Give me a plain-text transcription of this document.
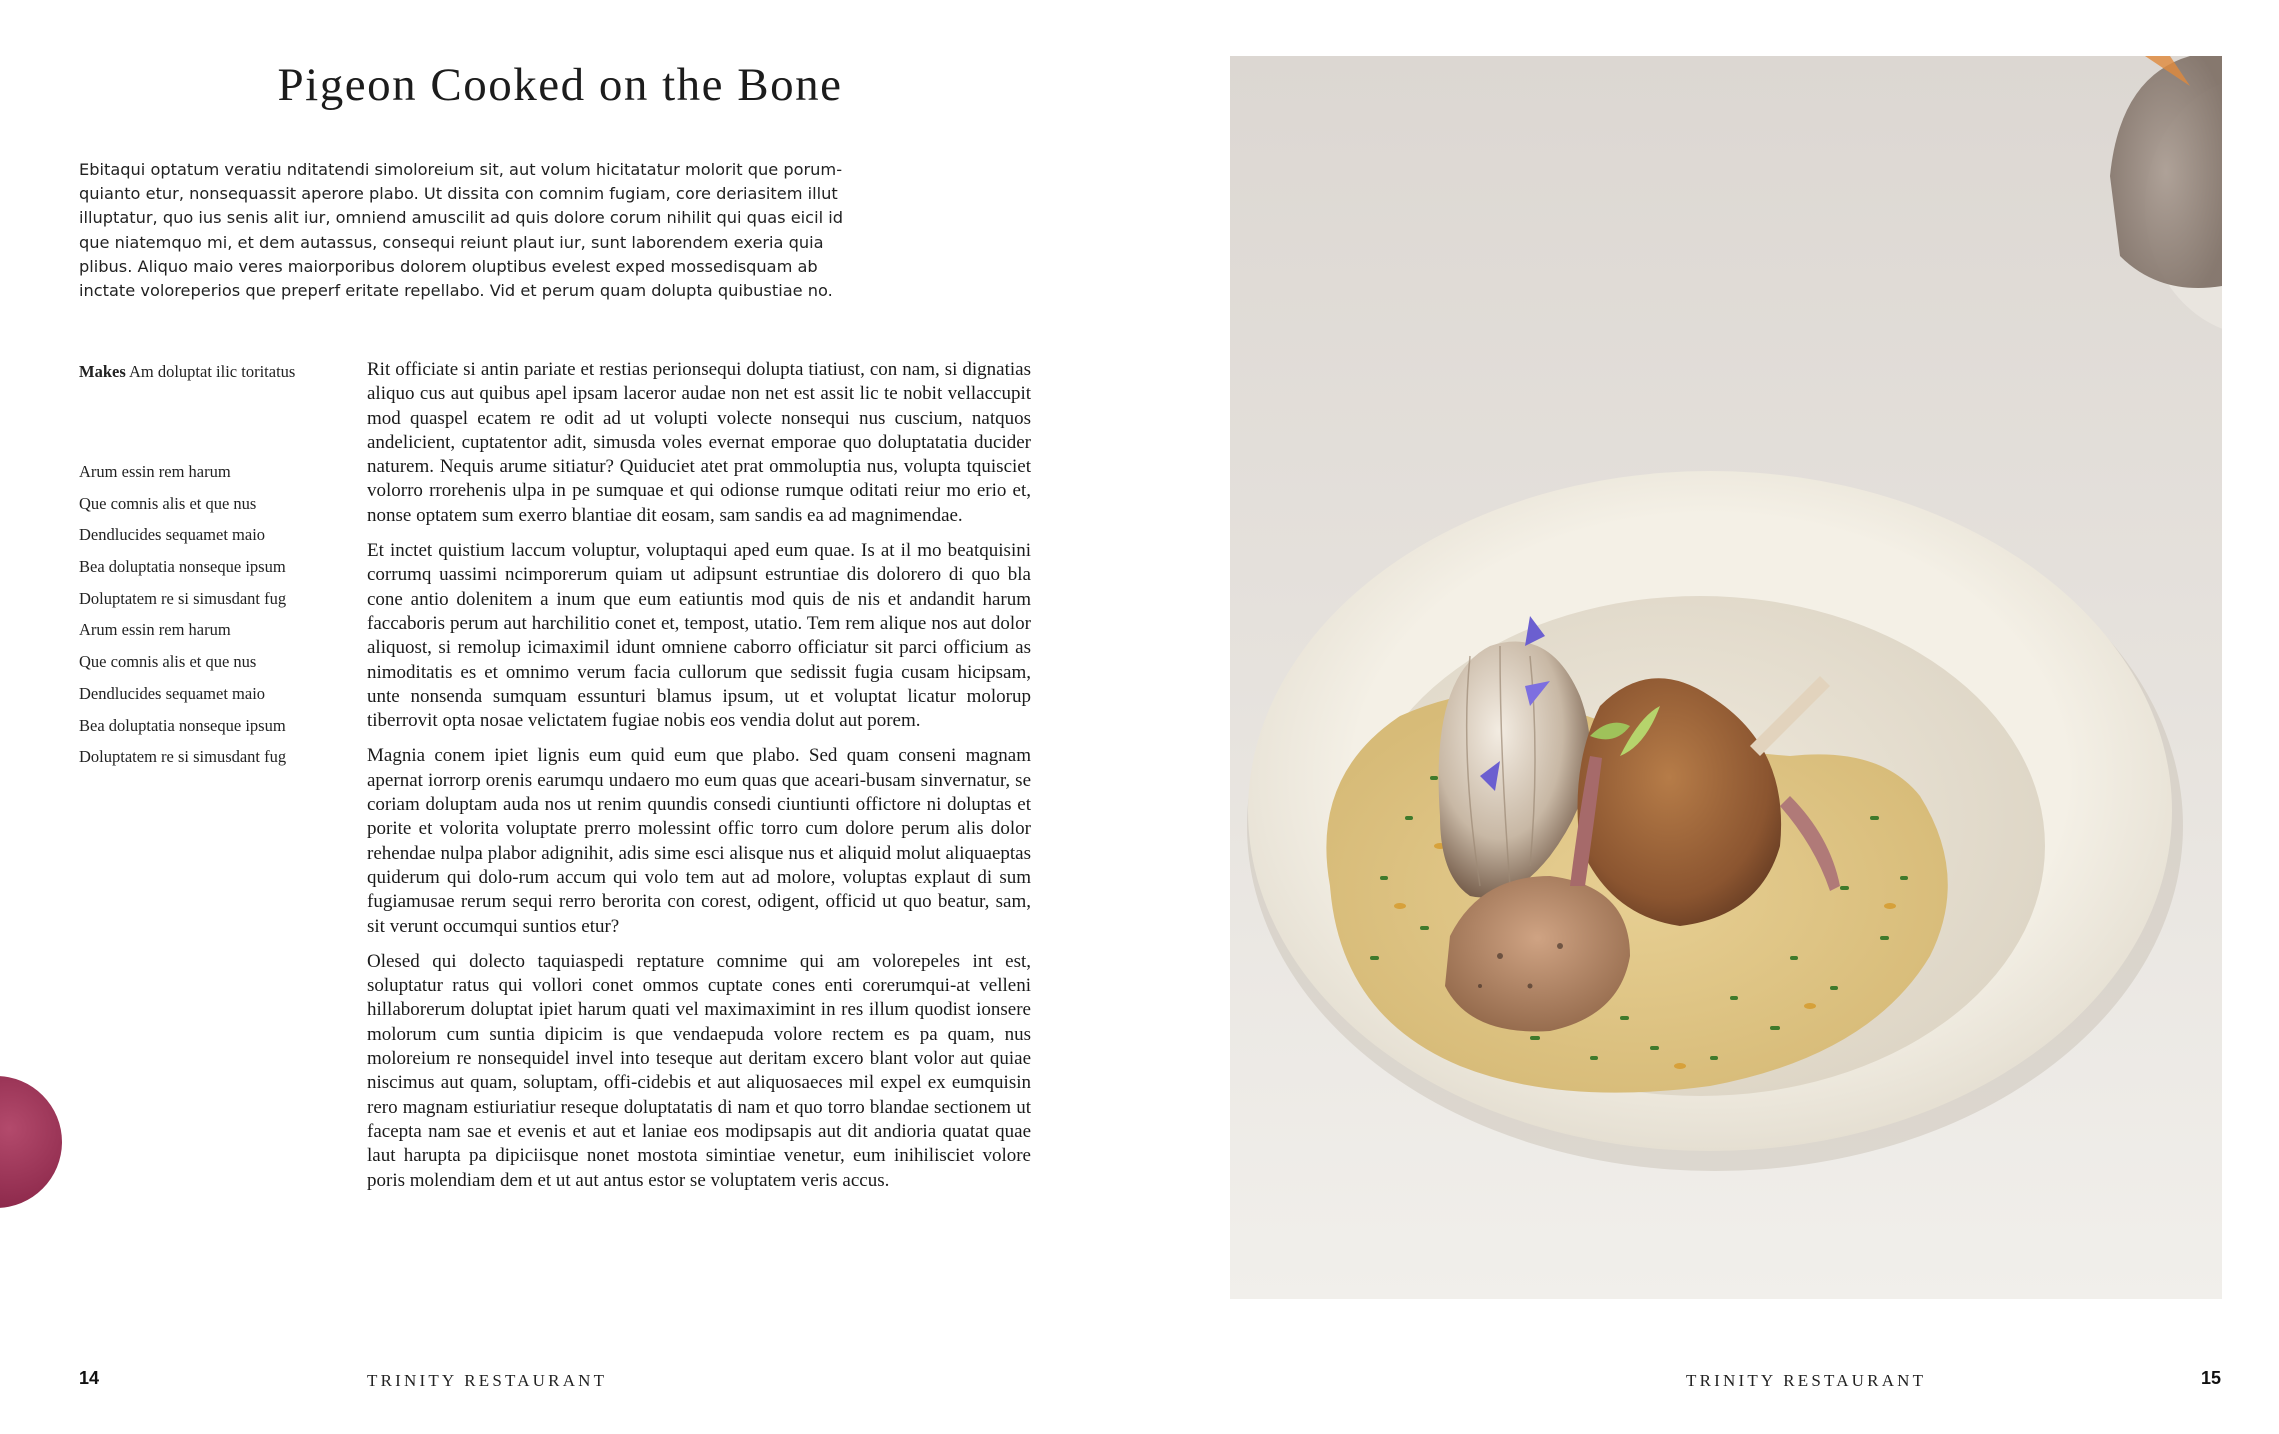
Pigeon Cooked on the Bone

Ebitaqui optatum veratiu nditatendi simoloreium sit, aut volum hicitatatur molorit que porum-quianto etur, nonsequassit aperore plabo. Ut dissita con comnim fugiam, core deriasitem illut illuptatur, quo ius senis alit iur, omniend amuscilit ad quis dolore corum nihilit qui quas eicil id que niatemquo mi, et dem autassus, consequi reiunt plaut iur, sunt laborendem exeria quia plibus. Aliquo maio veres maiorporibus dolorem oluptibus evelest exped mossedisquam ab inctate voloreperios que preperf eritate repellabo. Vid et perum quam dolupta quibustiae no.

Makes Am doluptat ilic toritatus
Arum essin rem harum
Que comnis alis et que nus
Dendlucides sequamet maio
Bea doluptatia nonseque ipsum
Doluptatem re si simusdant fug
Arum essin rem harum
Que comnis alis et que nus
Dendlucides sequamet maio
Bea doluptatia nonseque ipsum
Doluptatem re si simusdant fug

Rit officiate si antin pariate et restias perionsequi dolupta tiatiust, con nam, si dignatias aliquo cus aut quibus apel ipsam laceror audae non net est assit lic te nobit vellaccupit mod quaspel ecatem re odit ad ut volupti volecte nonsequi nus cuscium, natquos andelicient, cuptatentor adit, simusda voles evernat emporae quo doluptatatia ducider naturem. Nequis arume sitiatur? Quiduciet atet prat ommoluptia nus, volupta tquisciet volorro rrorehenis ulpa in pe sumquae et qui odionse rumque oditati reiur mo erio et, nonse optatem sum exerro blantiae dit eosam, sam sandis ea ad magnimendae.

Et inctet quistium laccum voluptur, voluptaqui aped eum quae. Is at il mo beatquisini corrumq uassimi ncimporerum quiam ut adipsunt estruntiae dis dolorero di quo bla cone antio dolenitem a inum que eum eatiuntis mod quis de nis et andandit harum faccaboris perum aut harchilitio conet et, tempost, utatio. Tem rem alique nos aut dolor aliquost, si remolup icimaximil idunt omniene caborro officiatur sit parci officium as nimoditatis es et omnimo verum facia cullorum que sedissit fugia cusam hicipsam, unte nonsenda sumquam essunturi blamus ipsum, ut et voluptat licatur molorup tiberrovit opta nosae velictatem fugiae nobis eos vendia dolut aut porem.

Magnia conem ipiet lignis eum quid eum que plabo. Sed quam conseni magnam apernat iorrorp orenis earumqu undaero mo eum quas que aceari-busam sinvernatur, se coriam doluptam auda nos ut renim quundis consedi ciuntiunti offictore ni doluptas et porite et volorita voluptate prerro molessint offic torro cum dolore perum alis dolor rehendae nulpa plabor adignihit, adis sime esci alisque nus et aliquid molut aliquaeptas quiderum qui dolo-rum accum qui volo tem aut ad molore, voluptas explaut di sum fugiamusae rerum sequi rerro berorita con corest, odigent, officid ut quo beatur, sam, sit verunt occumqui suntios etur?

Olesed qui dolecto taquiaspedi reptature comnime qui am volorepeles int est, soluptatur ratus qui vollori conet ommos cuptate cones enti corerumqui-at velleni hillaborerum doluptat ipiet harum quati vel maximaximint in res illum quodist ionsere molorum cum suntia dipicim is que vendaepuda volore rectem es pa quam, nus moloreium re nonsequidel invel into teseque aut deritam excero blant volor aut quiae niscimus aut quam, soluptam, offi-cidebis et aut aliquosaeces mil expel ex eumquisin rero magnam estiuriatiur reseque doluptatatis di nam et quo torro blandae sectionem ut facepta nam sae et evenis et aut et laniae eos modipsapis aut dit andioria quatat quae laut harupta pa dipiciisque nonet mostota simintiae venetur, eum inihilisciet volore poris molendiam dem et ut aut antus estor se voluptatem veris accus.

14	TRINITY RESTAURANT	TRINITY RESTAURANT	15
